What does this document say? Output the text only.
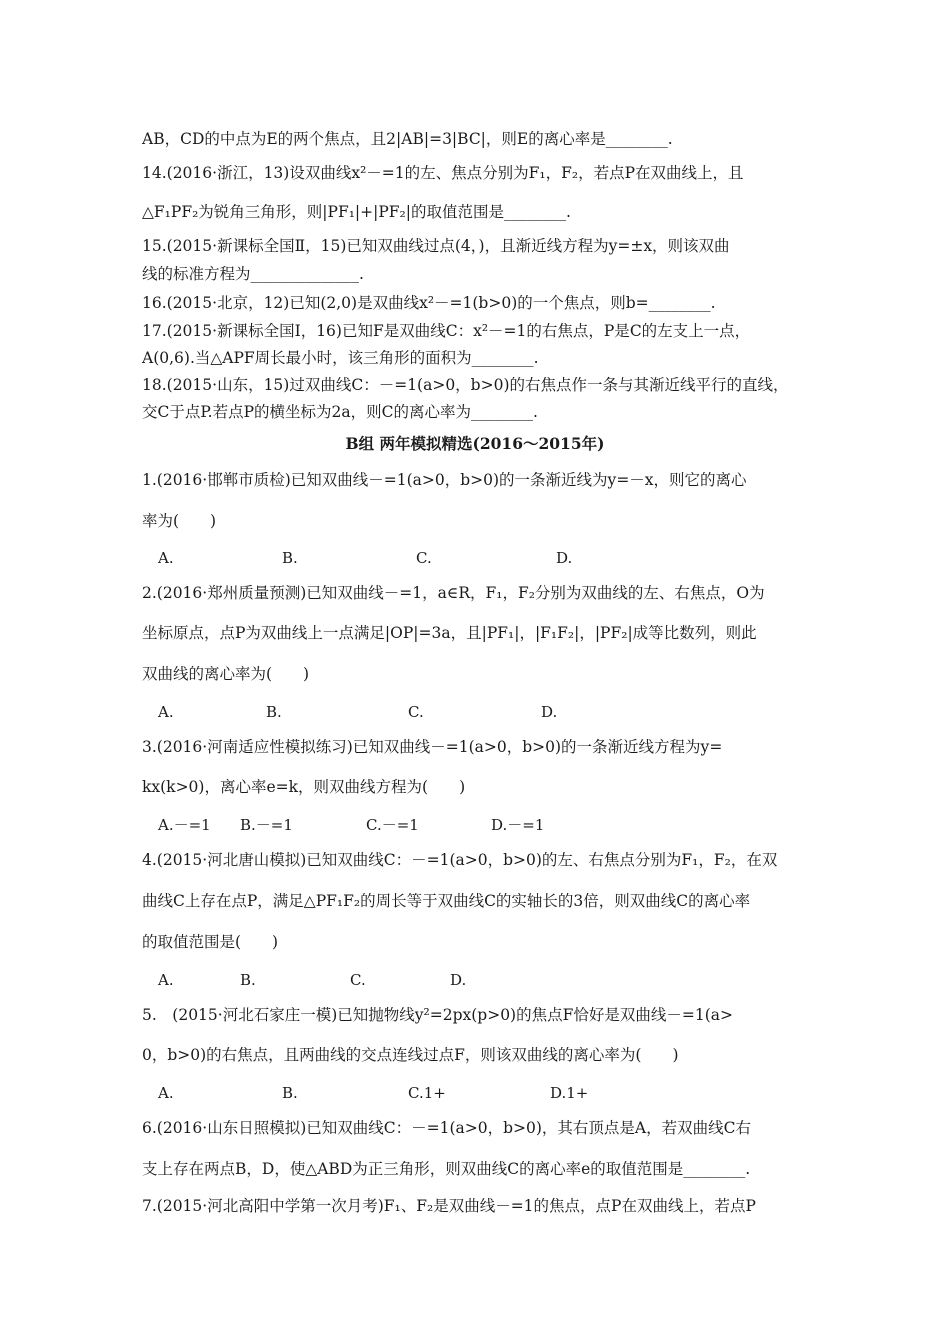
AB，CD的中点为E的两个焦点，且2|AB|=3|BC|，则E的离心率是________.
14.(2016·浙江，13)设双曲线x²－=1的左、焦点分别为F₁，F₂，若点P在双曲线上，且
△F₁PF₂为锐角三角形，则|PF₁|+|PF₂|的取值范围是________.
15.(2015·新课标全国Ⅱ，15)已知双曲线过点(4，)，且渐近线方程为y=±x，则该双曲
线的标准方程为______________.
16.(2015·北京，12)已知(2,0)是双曲线x²－=1(b>0)的一个焦点，则b=________.
17.(2015·新课标全国Ⅰ，16)已知F是双曲线C：x²－=1的右焦点，P是C的左支上一点，
A(0,6).当△APF周长最小时，该三角形的面积为________.
18.(2015·山东，15)过双曲线C：－=1(a>0，b>0)的右焦点作一条与其渐近线平行的直线，
交C于点P.若点P的横坐标为2a，则C的离心率为________.
B组 两年模拟精选(2016～2015年)
1.(2016·邯郸市质检)已知双曲线－=1(a>0，b>0)的一条渐近线为y=－x，则它的离心
率为(　　)
A.	B.	C.	D.
2.(2016·郑州质量预测)已知双曲线－=1，a∈R，F₁，F₂分别为双曲线的左、右焦点，O为
坐标原点，点P为双曲线上一点满足|OP|=3a，且|PF₁|，|F₁F₂|，|PF₂|成等比数列，则此
双曲线的离心率为(　　)
A.	B.	C.	D.
3.(2016·河南适应性模拟练习)已知双曲线－=1(a>0，b>0)的一条渐近线方程为y=
kx(k>0)，离心率e=k，则双曲线方程为(　　)
A.－=1 B.－=1	C.－=1	D.－=1
4.(2015·河北唐山模拟)已知双曲线C：－=1(a>0，b>0)的左、右焦点分别为F₁，F₂，在双
曲线C上存在点P，满足△PF₁F₂的周长等于双曲线C的实轴长的3倍，则双曲线C的离心率
的取值范围是(　　)
A.	B.	C.	D.
5.　(2015·河北石家庄一模)已知抛物线y²=2px(p>0)的焦点F恰好是双曲线－=1(a>
0，b>0)的右焦点，且两曲线的交点连线过点F，则该双曲线的离心率为(　　)
A.	B.	C.1+	D.1+
6.(2016·山东日照模拟)已知双曲线C：－=1(a>0，b>0)，其右顶点是A，若双曲线C右
支上存在两点B，D，使△ABD为正三角形，则双曲线C的离心率e的取值范围是________.
7.(2015·河北高阳中学第一次月考)F₁、F₂是双曲线－=1的焦点，点P在双曲线上，若点P
